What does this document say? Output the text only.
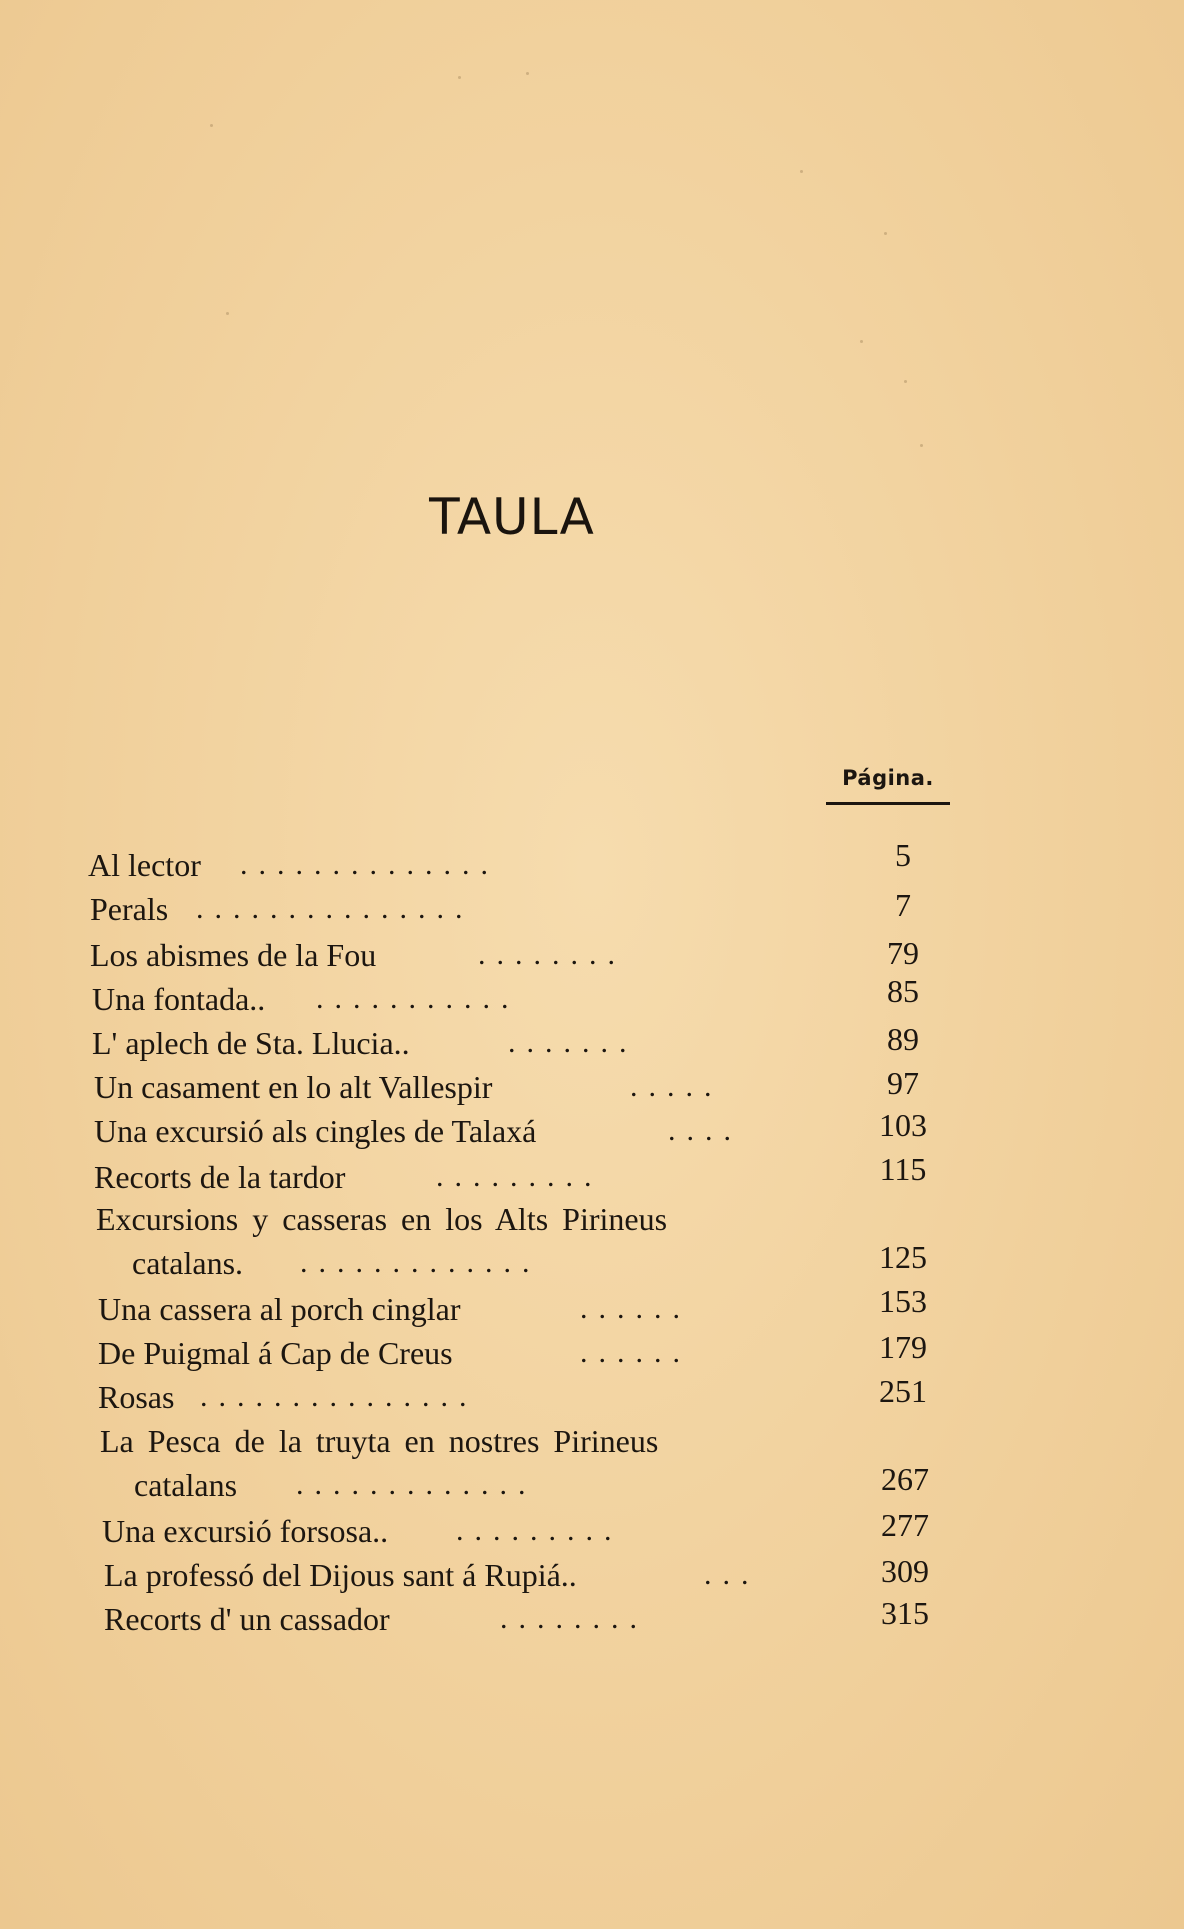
TAULA
Página.
Al lector ..............	5
Perals ...............	7
Los abismes de la Fou	........	79
Una fontada.. ...........	85
L' aplech de Sta. Llucia..	.......	89
Un casament en lo alt Vallespir	.....	97
Una excursió als cingles de Talaxá	....	103
Recorts de la tardor	.........	115
Excursions y casseras en los Alts Pirineus
catalans. .............	125
Una cassera al porch cinglar	......	153
De Puigmal á Cap de Creus	......	179
Rosas ...............	251
La Pesca de la truyta en nostres Pirineus
catalans .............	267
Una excursió forsosa.. .........	277
La professó del Dijous sant á Rupiá..	...	309
Recorts d' un cassador	........	315
